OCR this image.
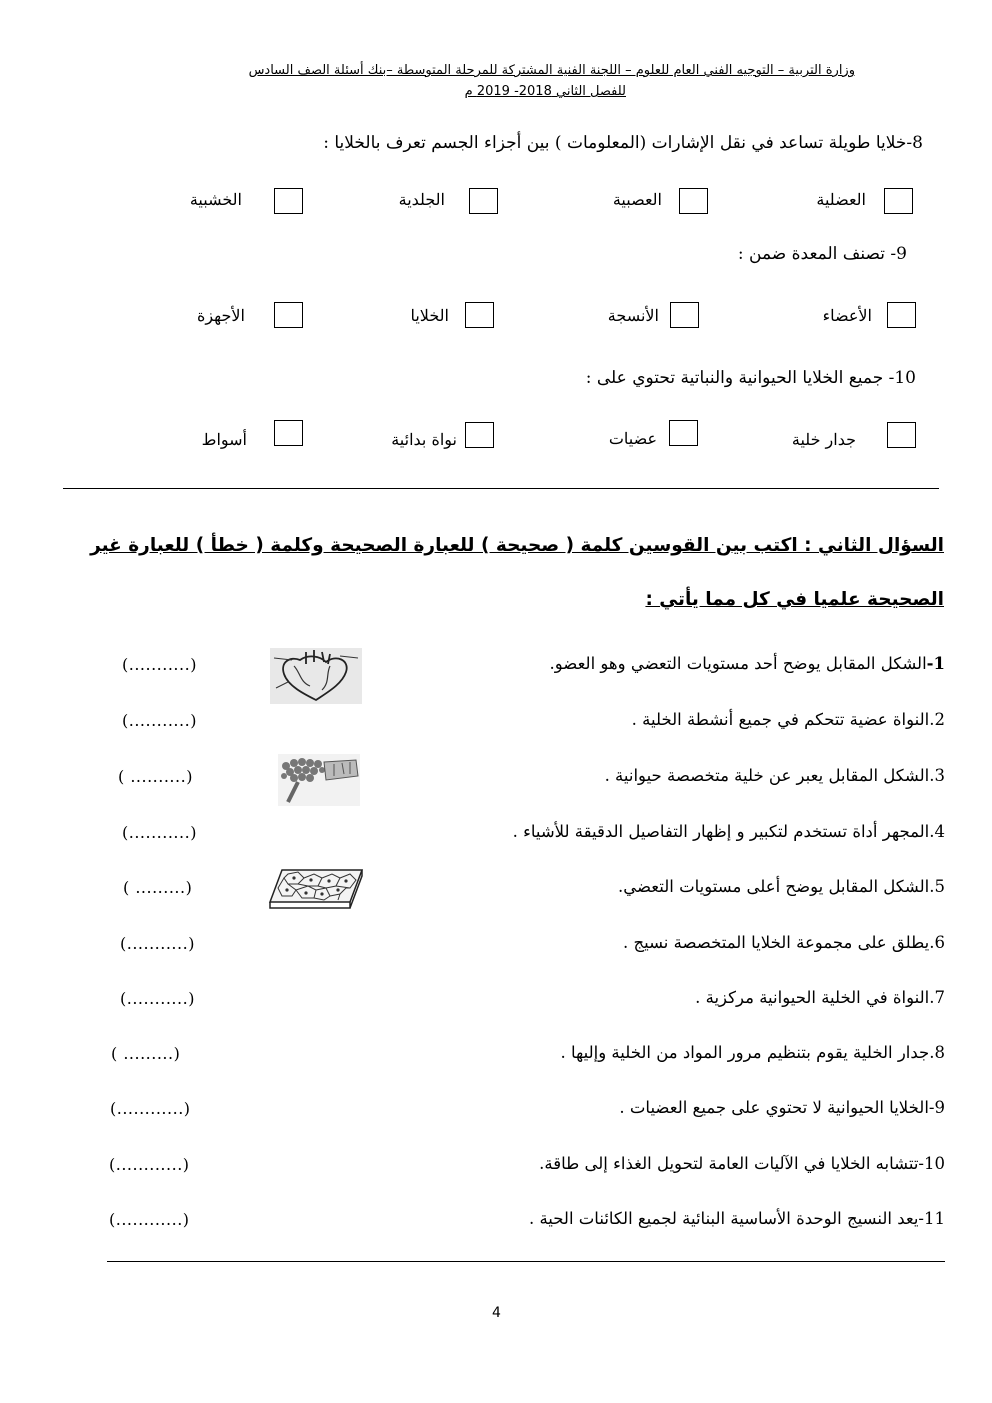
وزارة التربية – التوجيه الفني العام للعلوم – اللجنة الفنية المشتركة للمرحلة المتوسطة –بنك أسئلة الصف السادس
للفصل الثاني 2018- 2019 م
8-خلايا طويلة تساعد في نقل الإشارات (المعلومات ) بين أجزاء الجسم تعرف بالخلايا :
العضلية
العصبية
الجلدية
الخشبية
9- تصنف المعدة ضمن :
الأعضاء
الأنسجة
الخلايا
الأجهزة
10- جميع الخلايا الحيوانية والنباتية تحتوي على :
جدار خلية
عضيات
نواة بدائية
أسواط
السؤال الثاني : اكتب بين القوسين كلمة ( صحيحة ) للعبارة الصحيحة وكلمة ( خطأ ) للعبارة غير
الصحيحة علميا في كل مما يأتي :
1-الشكل المقابل يوضح أحد مستويات التعضي وهو العضو.
(...........)
2.النواة عضية تتحكم في جميع أنشطة الخلية .
(...........)
3.الشكل المقابل يعبر عن خلية متخصصة حيوانية .
( ..........)
4.المجهر أداة تستخدم لتكبير و إظهار التفاصيل الدقيقة للأشياء .
(...........)
5.الشكل المقابل يوضح أعلى مستويات التعضي.
( .........)
6.يطلق على مجموعة الخلايا المتخصصة نسيج .
(...........)
7.النواة في الخلية الحيوانية مركزية .
(...........)
8.جدار الخلية يقوم بتنظيم مرور المواد من الخلية وإليها .
( .........)
9-الخلايا الحيوانية لا تحتوي على جميع العضيات .
(............)
10-تتشابه الخلايا في الآليات العامة لتحويل الغذاء إلى طاقة.
(............)
11-يعد النسيج الوحدة الأساسية البنائية لجميع الكائنات الحية .
(............)
4
